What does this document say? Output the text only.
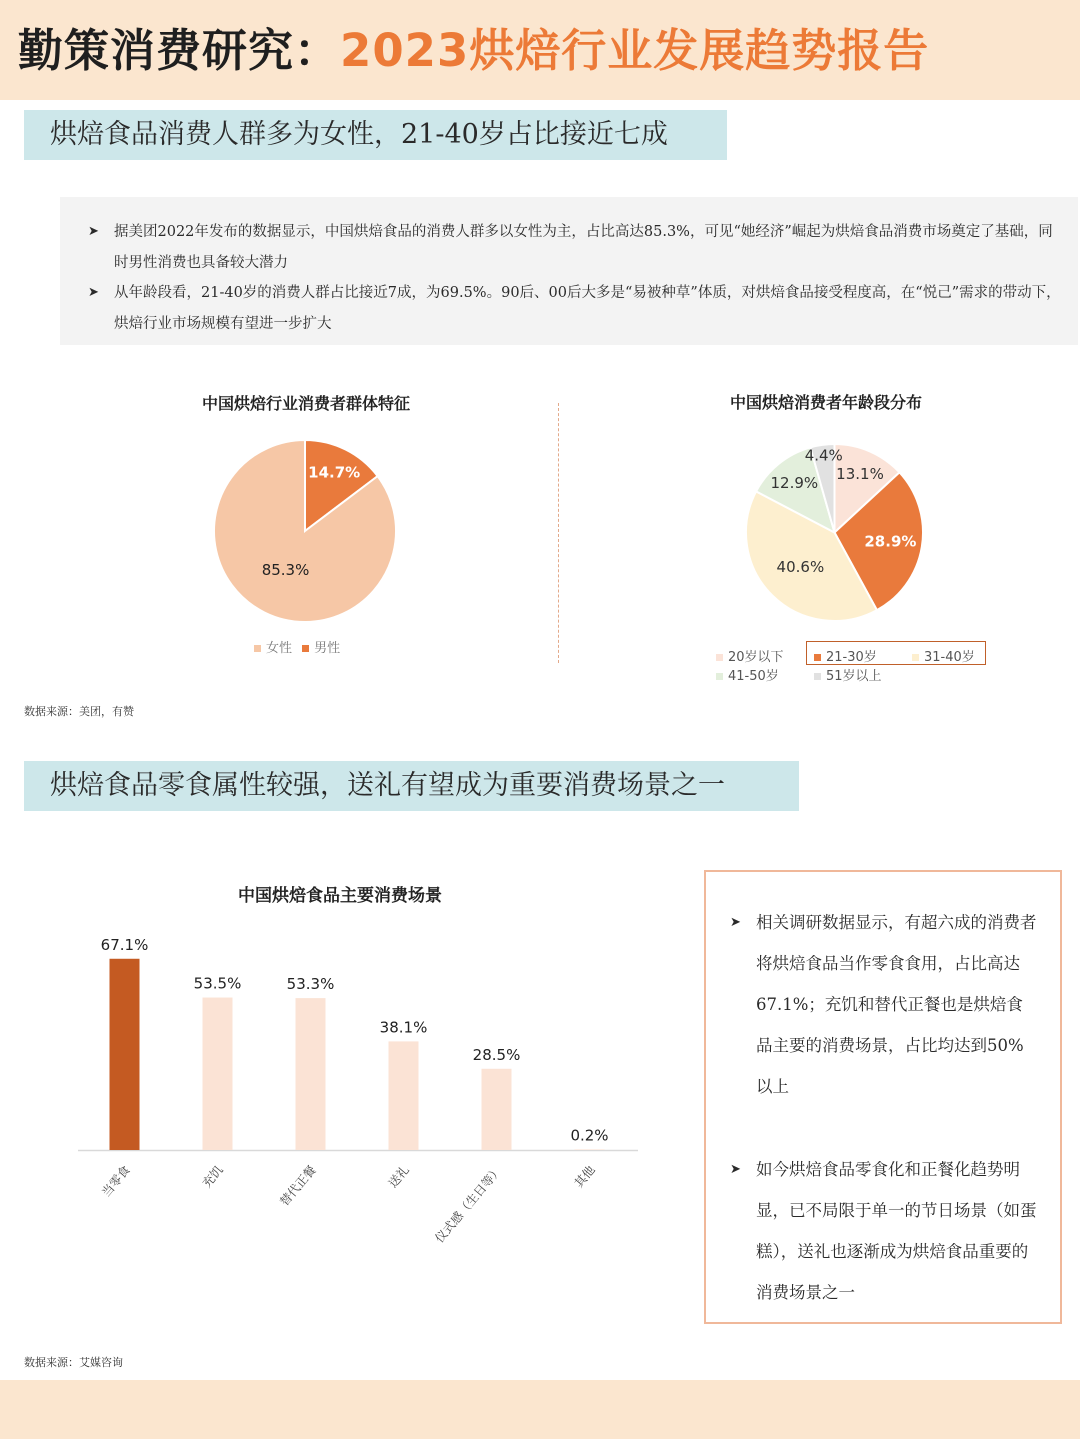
勤策消费研究：2023烘焙行业发展趋势报告
烘焙食品消费人群多为女性，21-40岁占比接近七成
➤	据美团2022年发布的数据显示，中国烘焙食品的消费人群多以女性为主，占比高达85.3%，可见“她经济”崛起为烘焙食品消费市场奠定了基础，同时男性消费也具备较大潜力
➤	从年龄段看，21-40岁的消费人群占比接近7成，为69.5%。90后、00后大多是“易被种草”体质，对烘焙食品接受程度高，在“悦己”需求的带动下，烘焙行业市场规模有望进一步扩大
中国烘焙行业消费者群体特征
14.7%
85.3%
女性 男性
中国烘焙消费者年龄段分布
13.1%
28.9%
40.6%
12.9%
4.4%
20岁以下	21-30岁	31-40岁
41-50岁	51岁以上
数据来源：美团，有赞
烘焙食品零食属性较强，送礼有望成为重要消费场景之一
中国烘焙食品主要消费场景
67.1%
当零食
53.5%
充饥
53.3%
替代正餐
38.1%
送礼
28.5%
仪式感（生日等）
0.2%
其他
➤ 相关调研数据显示，有超六成的消费者将烘焙食品当作零食食用，占比高达67.1%；充饥和替代正餐也是烘焙食品主要的消费场景，占比均达到50%以上
➤ 如今烘焙食品零食化和正餐化趋势明显，已不局限于单一的节日场景（如蛋糕），送礼也逐渐成为烘焙食品重要的消费场景之一
数据来源：艾媒咨询
